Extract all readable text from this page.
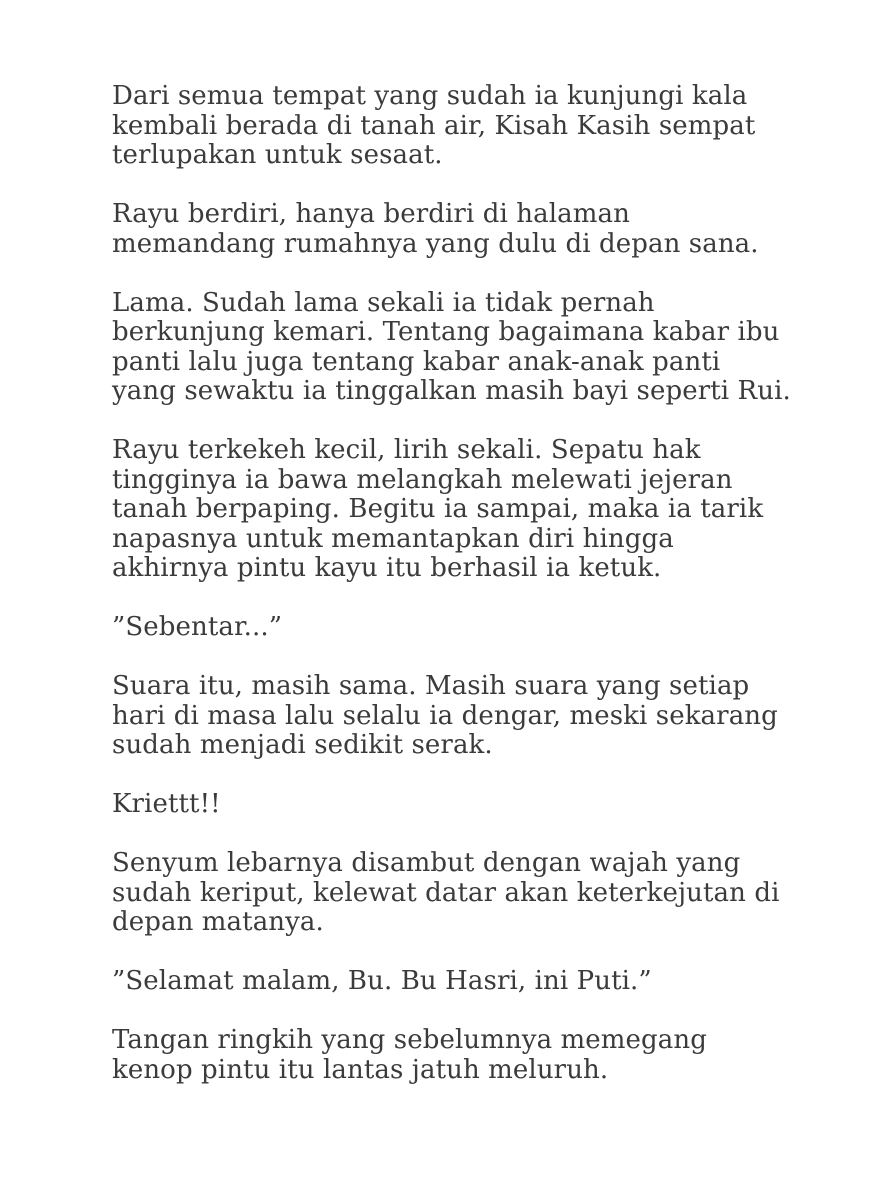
Dari semua tempat yang sudah ia kunjungi kala
kembali berada di tanah air, Kisah Kasih sempat
terlupakan untuk sesaat.

Rayu berdiri, hanya berdiri di halaman
memandang rumahnya yang dulu di depan sana.

Lama. Sudah lama sekali ia tidak pernah
berkunjung kemari. Tentang bagaimana kabar ibu
panti lalu juga tentang kabar anak-anak panti
yang sewaktu ia tinggalkan masih bayi seperti Rui.

Rayu terkekeh kecil, lirih sekali. Sepatu hak
tingginya ia bawa melangkah melewati jejeran
tanah berpaping. Begitu ia sampai, maka ia tarik
napasnya untuk memantapkan diri hingga
akhirnya pintu kayu itu berhasil ia ketuk.

”Sebentar...”

Suara itu, masih sama. Masih suara yang setiap
hari di masa lalu selalu ia dengar, meski sekarang
sudah menjadi sedikit serak.

Kriettt!!

Senyum lebarnya disambut dengan wajah yang
sudah keriput, kelewat datar akan keterkejutan di
depan matanya.

”Selamat malam, Bu. Bu Hasri, ini Puti.”

Tangan ringkih yang sebelumnya memegang
kenop pintu itu lantas jatuh meluruh.
